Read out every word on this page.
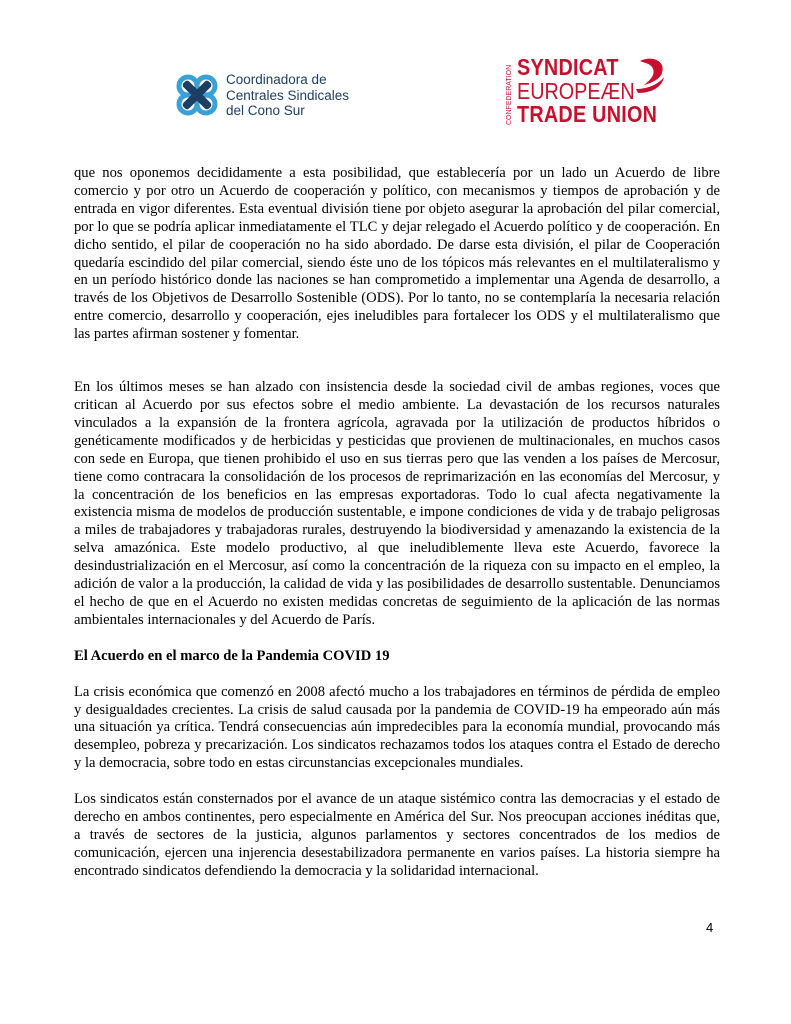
Coordinadora de
Centrales Sindicales
del Cono Sur	CONFEDERATION SYNDICAT
EUROPEÆN
TRADE UNION

que nos oponemos decididamente a esta posibilidad, que establecería por un lado un Acuerdo de libre comercio y por otro un Acuerdo de cooperación y político, con mecanismos y tiempos de aprobación y de entrada en vigor diferentes. Esta eventual división tiene por objeto asegurar la aprobación del pilar comercial, por lo que se podría aplicar inmediatamente el TLC y dejar relegado el Acuerdo político y de cooperación. En dicho sentido, el pilar de cooperación no ha sido abordado. De darse esta división, el pilar de Cooperación quedaría escindido del pilar comercial, siendo éste uno de los tópicos más relevantes en el multilateralismo y en un período histórico donde las naciones se han comprometido a implementar una Agenda de desarrollo, a través de los Objetivos de Desarrollo Sostenible (ODS). Por lo tanto, no se contemplaría la necesaria relación entre comercio, desarrollo y cooperación, ejes ineludibles para fortalecer los ODS y el multilateralismo que las partes afirman sostener y fomentar.

En los últimos meses se han alzado con insistencia desde la sociedad civil de ambas regiones, voces que critican al Acuerdo por sus efectos sobre el medio ambiente. La devastación de los recursos naturales vinculados a la expansión de la frontera agrícola, agravada por la utilización de productos híbridos o genéticamente modificados y de herbicidas y pesticidas que provienen de multinacionales, en muchos casos con sede en Europa, que tienen prohibido el uso en sus tierras pero que las venden a los países de Mercosur, tiene como contracara la consolidación de los procesos de reprimarización en las economías del Mercosur, y la concentración de los beneficios en las empresas exportadoras. Todo lo cual afecta negativamente la existencia misma de modelos de producción sustentable, e impone condiciones de vida y de trabajo peligrosas a miles de trabajadores y trabajadoras rurales, destruyendo la biodiversidad y amenazando la existencia de la selva amazónica. Este modelo productivo, al que ineludiblemente lleva este Acuerdo, favorece la desindustrialización en el Mercosur, así como la concentración de la riqueza con su impacto en el empleo, la adición de valor a la producción, la calidad de vida y las posibilidades de desarrollo sustentable. Denunciamos el hecho de que en el Acuerdo no existen medidas concretas de seguimiento de la aplicación de las normas ambientales internacionales y del Acuerdo de París.

El Acuerdo en el marco de la Pandemia COVID 19

La crisis económica que comenzó en 2008 afectó mucho a los trabajadores en términos de pérdida de empleo y desigualdades crecientes. La crisis de salud causada por la pandemia de COVID-19 ha empeorado aún más una situación ya crítica. Tendrá consecuencias aún impredecibles para la economía mundial, provocando más desempleo, pobreza y precarización. Los sindicatos rechazamos todos los ataques contra el Estado de derecho y la democracia, sobre todo en estas circunstancias excepcionales mundiales.

Los sindicatos están consternados por el avance de un ataque sistémico contra las democracias y el estado de derecho en ambos continentes, pero especialmente en América del Sur. Nos preocupan acciones inéditas que, a través de sectores de la justicia, algunos parlamentos y sectores concentrados de los medios de comunicación, ejercen una injerencia desestabilizadora permanente en varios países. La historia siempre ha encontrado sindicatos defendiendo la democracia y la solidaridad internacional.

4
